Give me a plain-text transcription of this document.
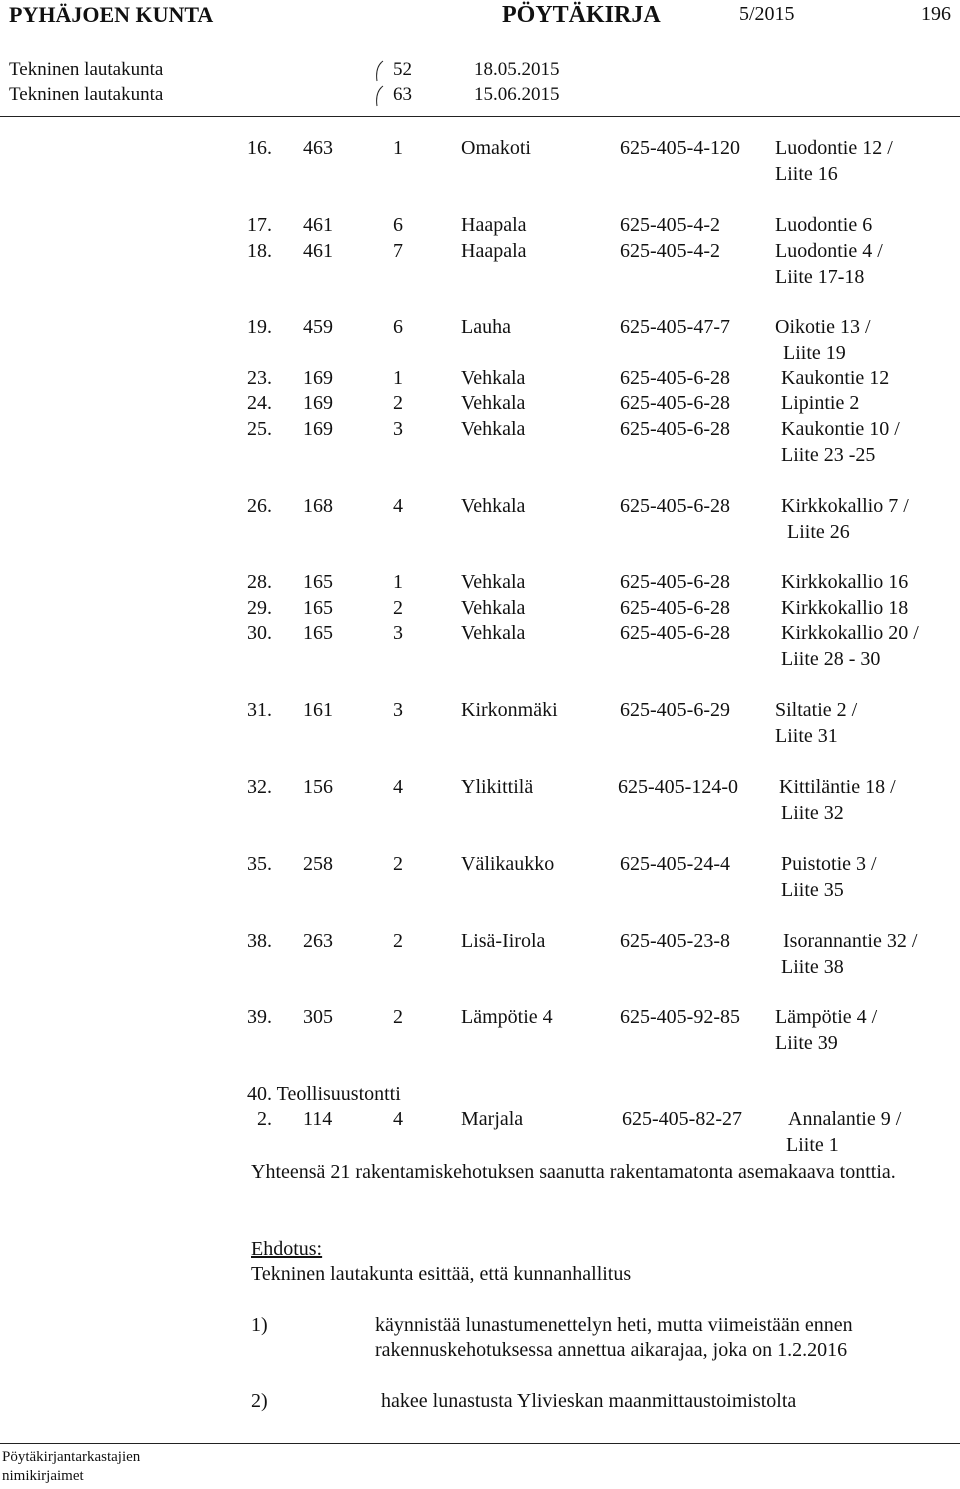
PYHÄJOEN KUNTA	PÖYTÄKIRJA	5/2015	196
Tekninen lautakunta	52	18.05.2015
Tekninen lautakunta	63	15.06.2015
16. 463	1	Omakoti	625-405-4-120 Luodontie 12 /
Liite 16
17. 461	6	Haapala	625-405-4-2	Luodontie 6
18. 461	7	Haapala	625-405-4-2	Luodontie 4 /
Liite 17-18
19. 459	6	Lauha	625-405-47-7 Oikotie 13 /
Liite 19
23. 169	1	Vehkala	625-405-6-28	Kaukontie 12
24. 169	2	Vehkala	625-405-6-28	Lipintie 2
25. 169	3	Vehkala	625-405-6-28	Kaukontie 10 /
Liite 23 -25
26. 168	4	Vehkala	625-405-6-28	Kirkkokallio 7 /
Liite 26
28. 165	1	Vehkala	625-405-6-28	Kirkkokallio 16
29. 165	2	Vehkala	625-405-6-28	Kirkkokallio 18
30. 165	3	Vehkala	625-405-6-28	Kirkkokallio 20 /
Liite 28 - 30
31. 161	3	Kirkonmäki	625-405-6-29 Siltatie 2 /
Liite 31
32. 156	4	Ylikittilä	625-405-124-0 Kittiläntie 18 /
Liite 32
35. 258	2	Välikaukko	625-405-24-4	Puistotie 3 /
Liite 35
38. 263	2	Lisä-Iirola	625-405-23-8	Isorannantie 32 /
Liite 38
39. 305	2	Lämpötie 4	625-405-92-85 Lämpötie 4 /
Liite 39
40. Teollisuustontti
2. 114	4	Marjala	625-405-82-27 Annalantie 9 /
Liite 1
Yhteensä 21 rakentamiskehotuksen saanutta rakentamatonta asemakaava tonttia.
Ehdotus:
Tekninen lautakunta esittää, että kunnanhallitus
1)	käynnistää lunastumenettelyn heti, mutta viimeistään ennen
rakennuskehotuksessa annettua aikarajaa, joka on 1.2.2016
2)	hakee lunastusta Ylivieskan maanmittaustoimistolta
Pöytäkirjantarkastajien
nimikirjaimet
